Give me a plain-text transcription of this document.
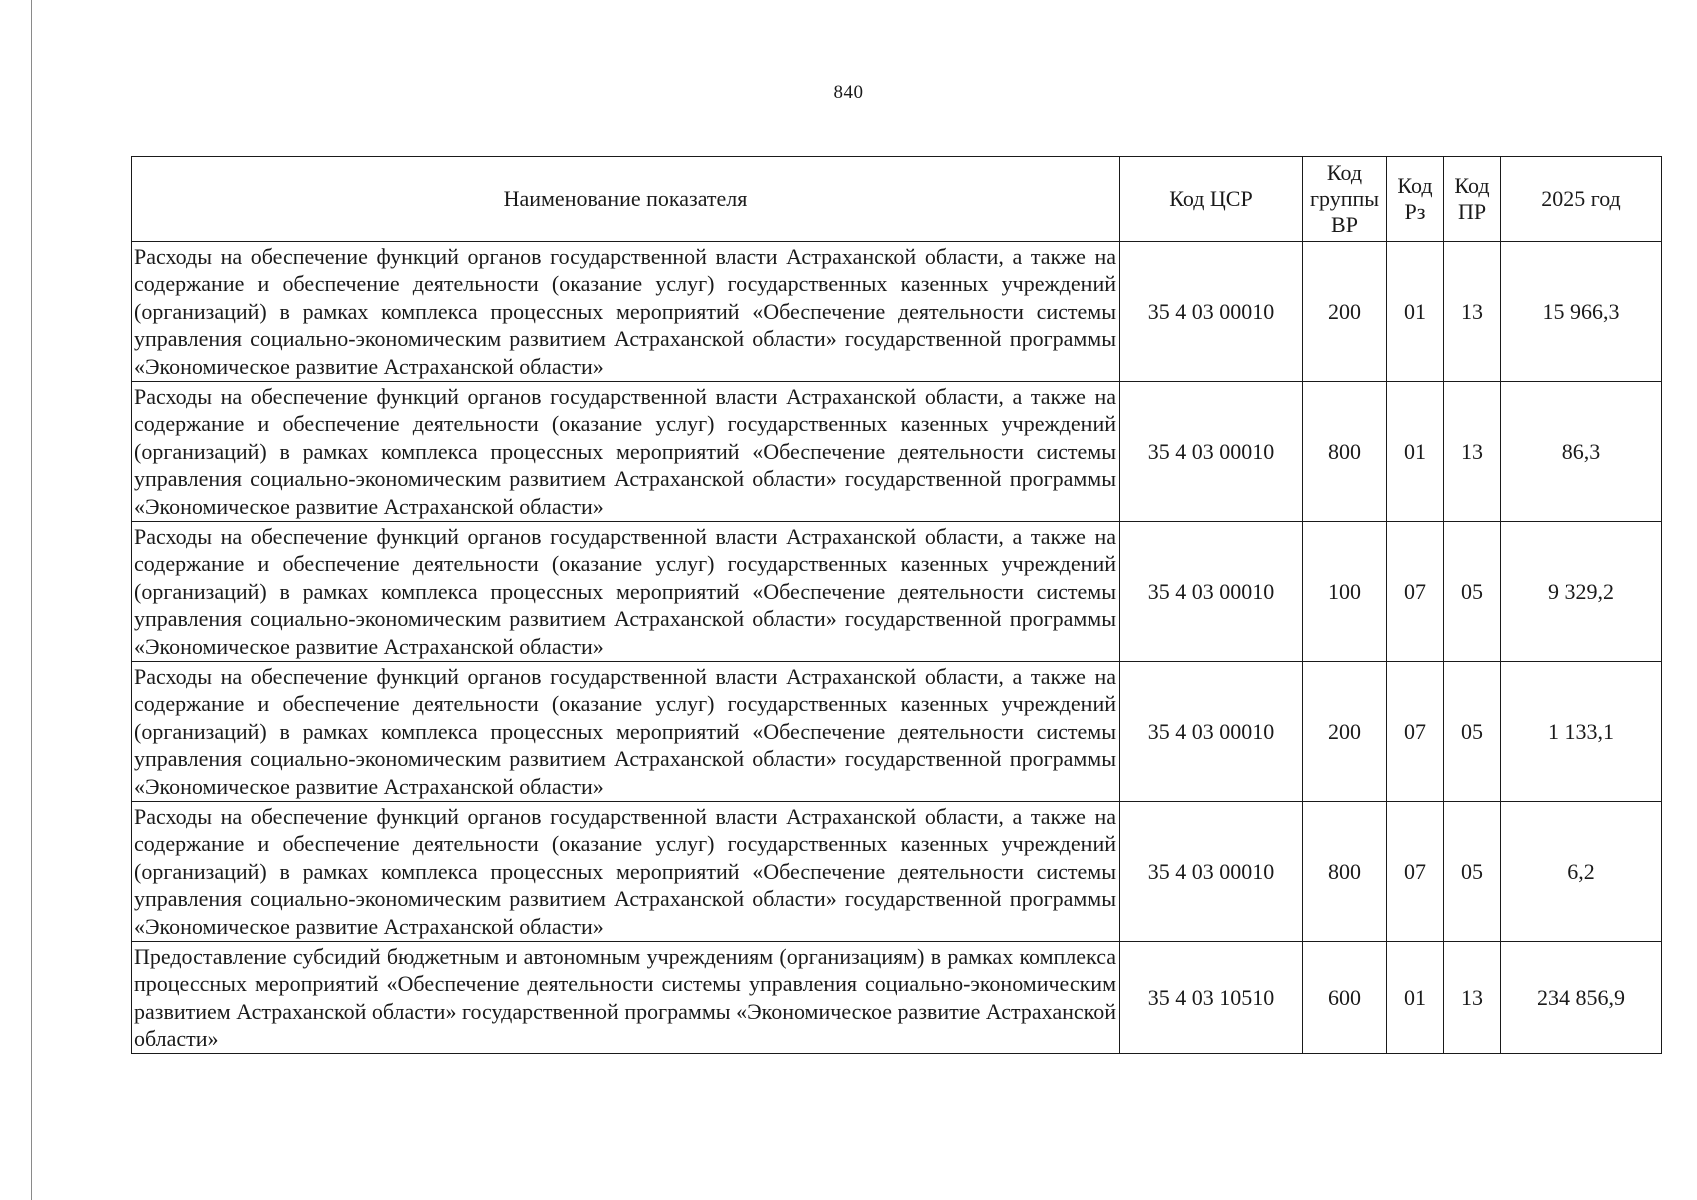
840
Наименование показателя	Код ЦСР	Код группы ВР	Код Рз	Код ПР	2025 год
Расходы на обеспечение функций органов государственной власти Астраханской области, а также на содержание и обеспечение деятельности (оказание услуг) государственных казенных учреждений (организаций) в рамках комплекса процессных мероприятий «Обеспечение деятельности системы управления социально-экономическим развитием Астраханской области» государственной программы «Экономическое развитие Астраханской области»	35 4 03 00010	200	01	13	15 966,3
Расходы на обеспечение функций органов государственной власти Астраханской области, а также на содержание и обеспечение деятельности (оказание услуг) государственных казенных учреждений (организаций) в рамках комплекса процессных мероприятий «Обеспечение деятельности системы управления социально-экономическим развитием Астраханской области» государственной программы «Экономическое развитие Астраханской области»	35 4 03 00010	800	01	13	86,3
Расходы на обеспечение функций органов государственной власти Астраханской области, а также на содержание и обеспечение деятельности (оказание услуг) государственных казенных учреждений (организаций) в рамках комплекса процессных мероприятий «Обеспечение деятельности системы управления социально-экономическим развитием Астраханской области» государственной программы «Экономическое развитие Астраханской области»	35 4 03 00010	100	07	05	9 329,2
Расходы на обеспечение функций органов государственной власти Астраханской области, а также на содержание и обеспечение деятельности (оказание услуг) государственных казенных учреждений (организаций) в рамках комплекса процессных мероприятий «Обеспечение деятельности системы управления социально-экономическим развитием Астраханской области» государственной программы «Экономическое развитие Астраханской области»	35 4 03 00010	200	07	05	1 133,1
Расходы на обеспечение функций органов государственной власти Астраханской области, а также на содержание и обеспечение деятельности (оказание услуг) государственных казенных учреждений (организаций) в рамках комплекса процессных мероприятий «Обеспечение деятельности системы управления социально-экономическим развитием Астраханской области» государственной программы «Экономическое развитие Астраханской области»	35 4 03 00010	800	07	05	6,2
Предоставление субсидий бюджетным и автономным учреждениям (организациям) в рамках комплекса процессных мероприятий «Обеспечение деятельности системы управления социально-экономическим развитием Астраханской области» государственной программы «Экономическое развитие Астраханской области»	35 4 03 10510	600	01	13	234 856,9
